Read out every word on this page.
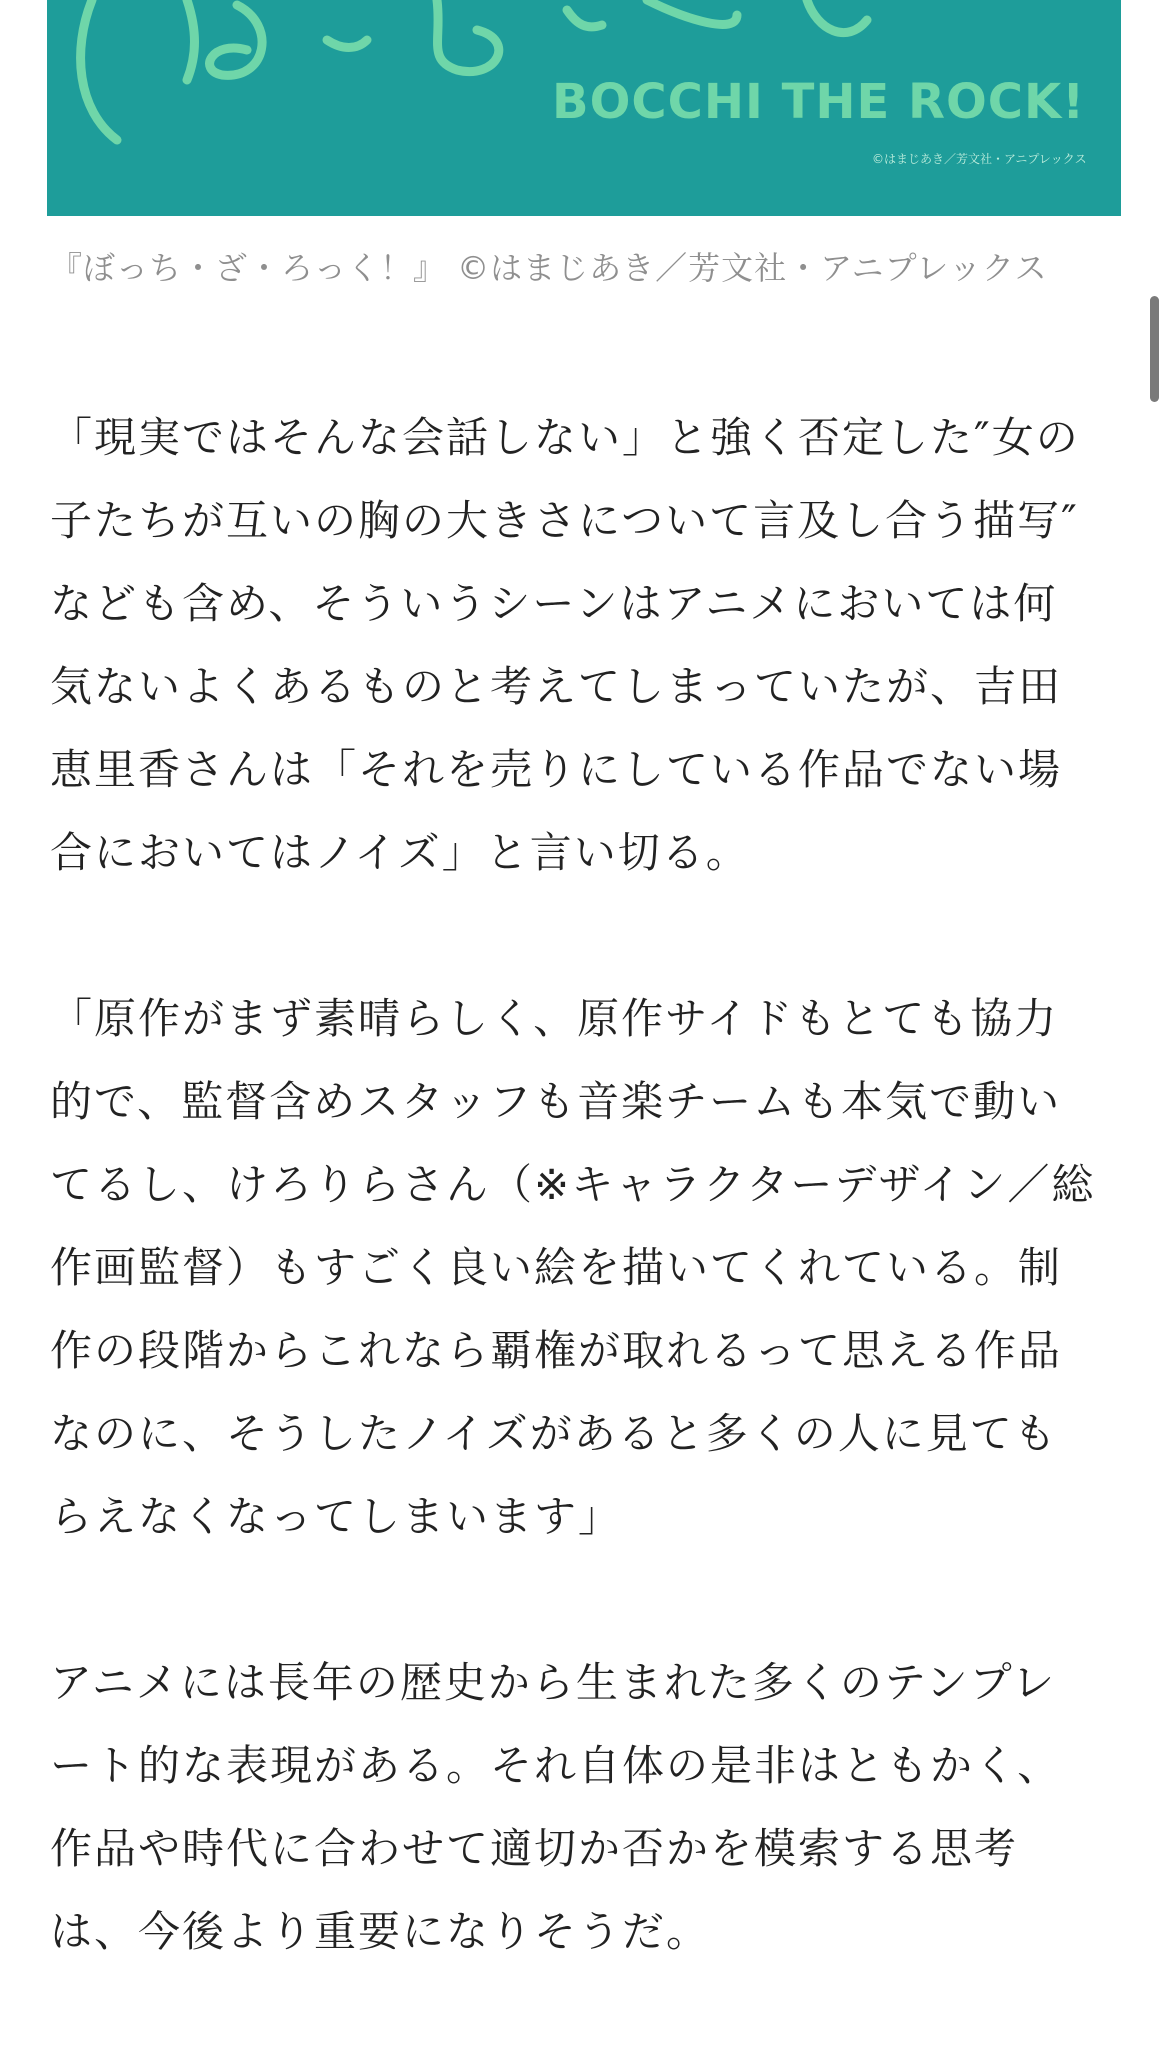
BOCCHI THE ROCK!
©はまじあき／芳文社・アニプレックス
『ぼっち・ざ・ろっく！』 ©はまじあき／芳文社・アニプレックス
「現実ではそんな会話しない」と強く否定した″女の
子たちが互いの胸の大きさについて言及し合う描写″
なども含め、そういうシーンはアニメにおいては何
気ないよくあるものと考えてしまっていたが、吉田
恵里香さんは「それを売りにしている作品でない場
合においてはノイズ」と言い切る。
「原作がまず素晴らしく、原作サイドもとても協力
的で、監督含めスタッフも音楽チームも本気で動い
てるし、けろりらさん（※キャラクターデザイン／総
作画監督）もすごく良い絵を描いてくれている。制
作の段階からこれなら覇権が取れるって思える作品
なのに、そうしたノイズがあると多くの人に見ても
らえなくなってしまいます」
アニメには長年の歴史から生まれた多くのテンプレ
ート的な表現がある。それ自体の是非はともかく、
作品や時代に合わせて適切か否かを模索する思考
は、今後より重要になりそうだ。
